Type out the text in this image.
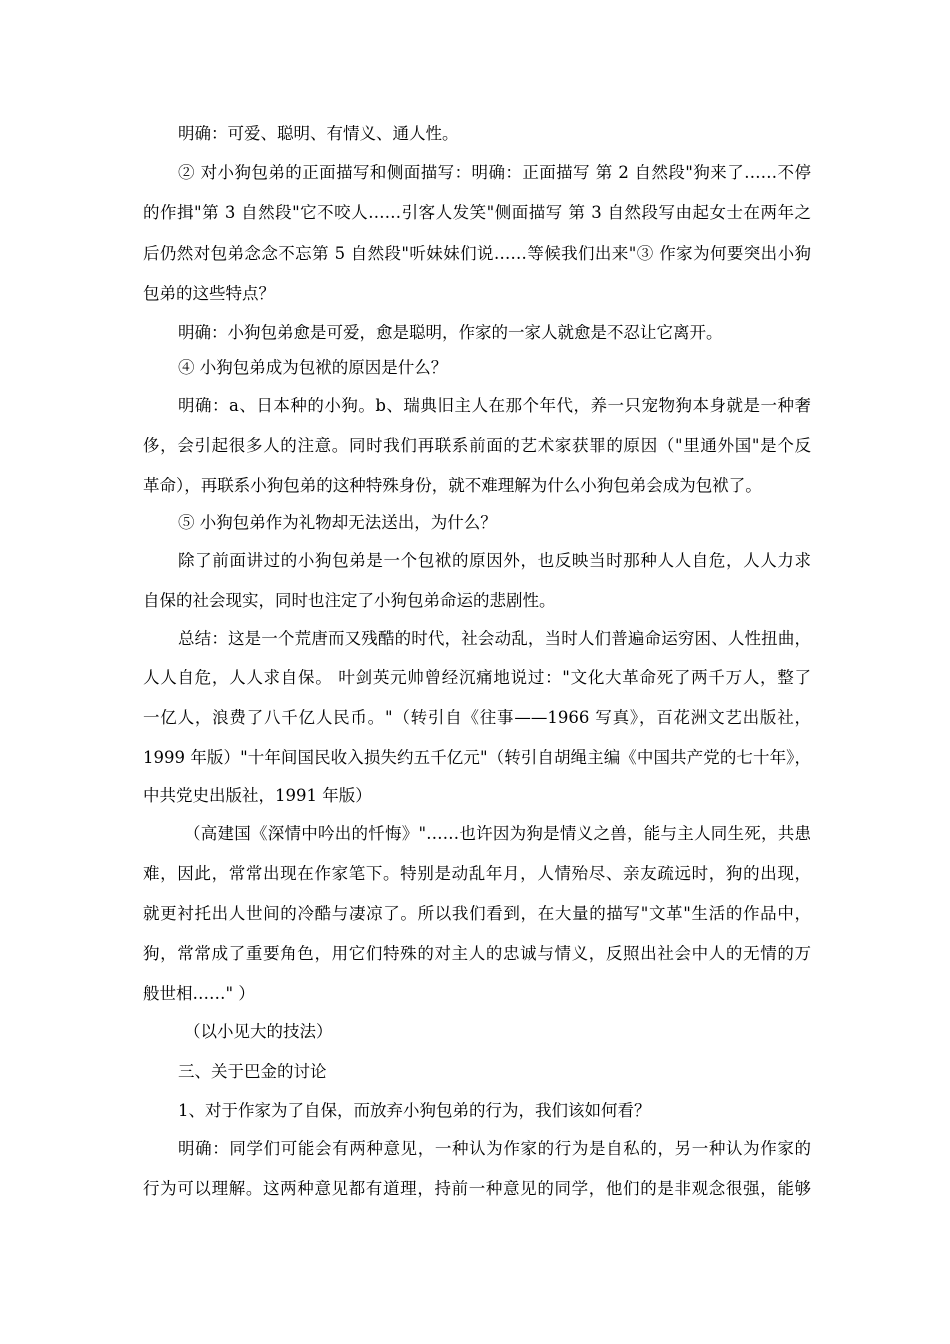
明确：可爱、聪明、有情义、通人性。
② 对小狗包弟的正面描写和侧面描写：明确：正面描写 第 2 自然段"狗来了……不停
的作揖"第 3 自然段"它不咬人……引客人发笑"侧面描写 第 3 自然段写由起女士在两年之
后仍然对包弟念念不忘第 5 自然段"听妹妹们说……等候我们出来"③ 作家为何要突出小狗
包弟的这些特点？
明确：小狗包弟愈是可爱，愈是聪明，作家的一家人就愈是不忍让它离开。
④ 小狗包弟成为包袱的原因是什么？
明确：a、日本种的小狗。b、瑞典旧主人在那个年代，养一只宠物狗本身就是一种奢
侈，会引起很多人的注意。同时我们再联系前面的艺术家获罪的原因（"里通外国"是个反
革命），再联系小狗包弟的这种特殊身份，就不难理解为什么小狗包弟会成为包袱了。
⑤ 小狗包弟作为礼物却无法送出，为什么？
除了前面讲过的小狗包弟是一个包袱的原因外，也反映当时那种人人自危，人人力求
自保的社会现实，同时也注定了小狗包弟命运的悲剧性。
总结：这是一个荒唐而又残酷的时代，社会动乱，当时人们普遍命运穷困、人性扭曲，
人人自危，人人求自保。 叶剑英元帅曾经沉痛地说过："文化大革命死了两千万人，整了
一亿人，浪费了八千亿人民币。"（转引自《往事——1966 写真》，百花洲文艺出版社，
1999 年版）"十年间国民收入损失约五千亿元"（转引自胡绳主编《中国共产党的七十年》，
中共党史出版社，1991 年版）
（高建国《深情中吟出的忏悔》"……也许因为狗是情义之兽，能与主人同生死，共患
难，因此，常常出现在作家笔下。特别是动乱年月，人情殆尽、亲友疏远时，狗的出现，
就更衬托出人世间的冷酷与凄凉了。所以我们看到，在大量的描写"文革"生活的作品中，
狗，常常成了重要角色，用它们特殊的对主人的忠诚与情义，反照出社会中人的无情的万
般世相……" ）
（以小见大的技法）
三、关于巴金的讨论
1、对于作家为了自保，而放弃小狗包弟的行为，我们该如何看？
明确：同学们可能会有两种意见，一种认为作家的行为是自私的，另一种认为作家的
行为可以理解。这两种意见都有道理，持前一种意见的同学，他们的是非观念很强，能够
